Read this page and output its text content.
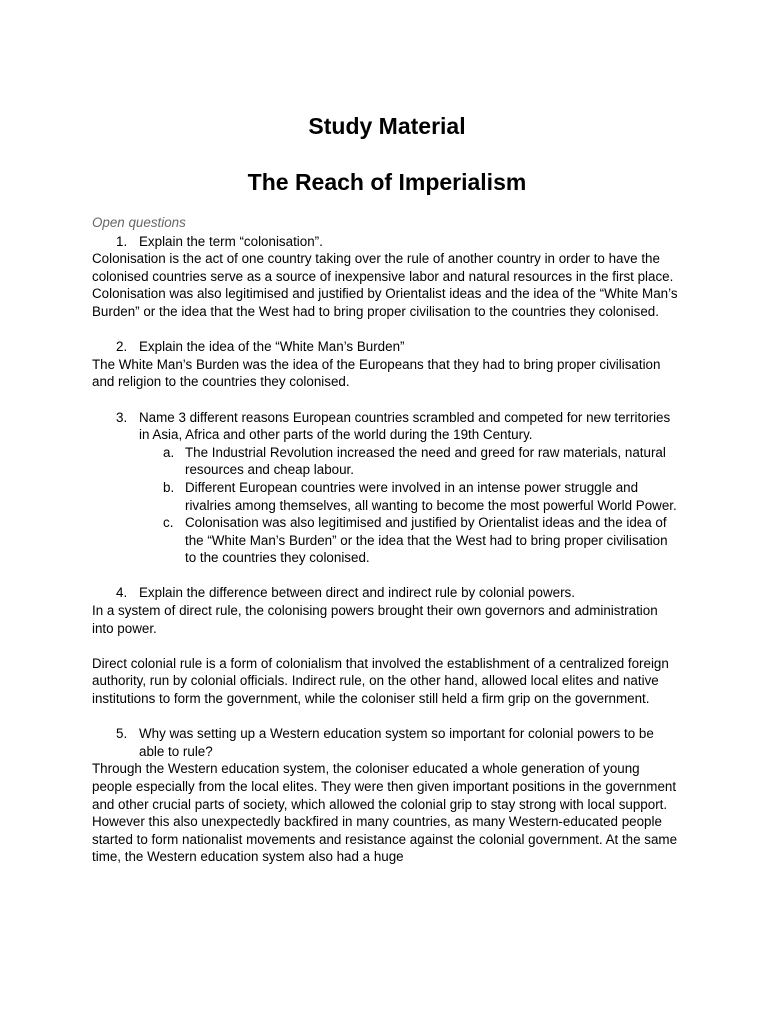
Study Material
The Reach of Imperialism

Open questions

1. Explain the term “colonisation”.

Colonisation is the act of one country taking over the rule of another country in order to have the colonised countries serve as a source of inexpensive labor and natural resources in the first place. Colonisation was also legitimised and justified by Orientalist ideas and the idea of the “White Man’s Burden” or the idea that the West had to bring proper civilisation to the countries they colonised.

2. Explain the idea of the “White Man’s Burden”

The White Man’s Burden was the idea of the Europeans that they had to bring proper civilisation and religion to the countries they colonised.

3. Name 3 different reasons European countries scrambled and competed for new territories in Asia, Africa and other parts of the world during the 19th Century.
a. The Industrial Revolution increased the need and greed for raw materials, natural resources and cheap labour.
b. Different European countries were involved in an intense power struggle and rivalries among themselves, all wanting to become the most powerful World Power.
c. Colonisation was also legitimised and justified by Orientalist ideas and the idea of the “White Man’s Burden” or the idea that the West had to bring proper civilisation to the countries they colonised.
4. Explain the difference between direct and indirect rule by colonial powers.

In a system of direct rule, the colonising powers brought their own governors and administration into power.

Direct colonial rule is a form of colonialism that involved the establishment of a centralized foreign authority, run by colonial officials. Indirect rule, on the other hand, allowed local elites and native institutions to form the government, while the coloniser still held a firm grip on the government.

5. Why was setting up a Western education system so important for colonial powers to be able to rule?

Through the Western education system, the coloniser educated a whole generation of young people especially from the local elites. They were then given important positions in the government and other crucial parts of society, which allowed the colonial grip to stay strong with local support. However this also unexpectedly backfired in many countries, as many Western-educated people started to form nationalist movements and resistance against the colonial government. At the same time, the Western education system also had a huge
